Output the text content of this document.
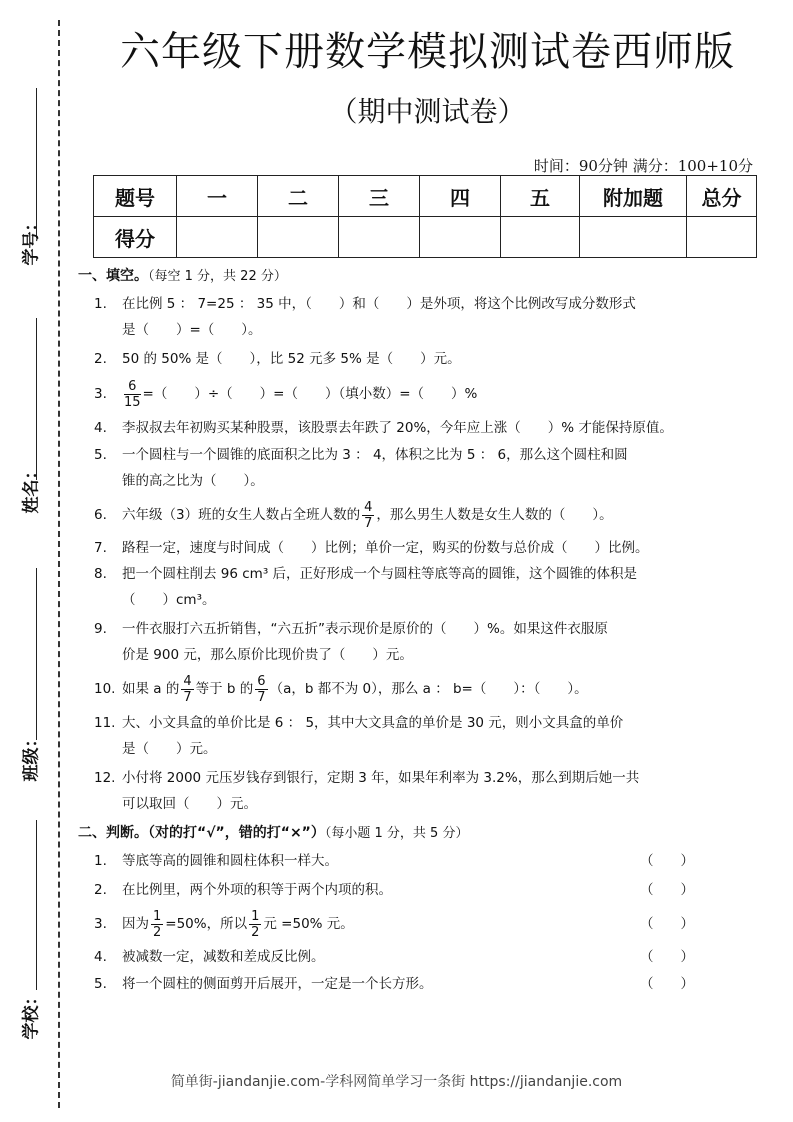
学号：
姓名：
班级：
学校：
六年级下册数学模拟测试卷西师版
（期中测试卷）
时间：90分钟 满分：100+10分
题号	一	二	三	四	五	附加题	总分
得分							
一、填空。（每空 1 分，共 22 分）
1. 在比例 5 ： 7=25 ： 35 中，（　　）和（　　）是外项，将这个比例改写成分数形式
是（　　）=（　　）。
2. 50 的 50% 是（　　），比 52 元多 5% 是（　　）元。
3. $\frac{6}{15}$ =（　　）÷（　　）=（　　）（填小数）=（　　）%
4. 李叔叔去年初购买某种股票，该股票去年跌了 20%，今年应上涨（　　）% 才能保持原值。
5. 一个圆柱与一个圆锥的底面积之比为 3 ： 4，体积之比为 5 ： 6，那么这个圆柱和圆
锥的高之比为（　　）。
6. 六年级（3）班的女生人数占全班人数的 $\frac{4}{7}$ ，那么男生人数是女生人数的（　　）。
7. 路程一定，速度与时间成（　　）比例；单价一定，购买的份数与总价成（　　）比例。
8. 把一个圆柱削去 96 cm³ 后，正好形成一个与圆柱等底等高的圆锥，这个圆锥的体积是
（　　）cm³。
9. 一件衣服打六五折销售，“六五折”表示现价是原价的（　　）%。如果这件衣服原
价是 900 元，那么原价比现价贵了（　　）元。
10. 如果 a 的 $\frac{4}{7}$ 等于 b 的 $\frac{6}{7} (a$，b 都不为 0），那么 a ： b=（　　）：（　　）。
11. 大、小文具盒的单价比是 6 ： 5，其中大文具盒的单价是 30 元，则小文具盒的单价
是（　　）元。
12. 小付将 2000 元压岁钱存到银行，定期 3 年，如果年利率为 3.2%，那么到期后她一共
可以取回（　　）元。
二、判断。（对的打“√”，错的打“×”）（每小题 1 分，共 5 分）
1. 等底等高的圆锥和圆柱体积一样大。	（　　）
2. 在比例里，两个外项的积等于两个内项的积。	（　　）
3. 因为 $\frac{1}{2} =50\%$，所以 $\frac{1}{2}$ 元 =50% 元。	（　　）
4. 被减数一定，减数和差成反比例。	（　　）
5. 将一个圆柱的侧面剪开后展开，一定是一个长方形。	（　　）
简单街-jiandanjie.com-学科网简单学习一条街 https://jiandanjie.com
